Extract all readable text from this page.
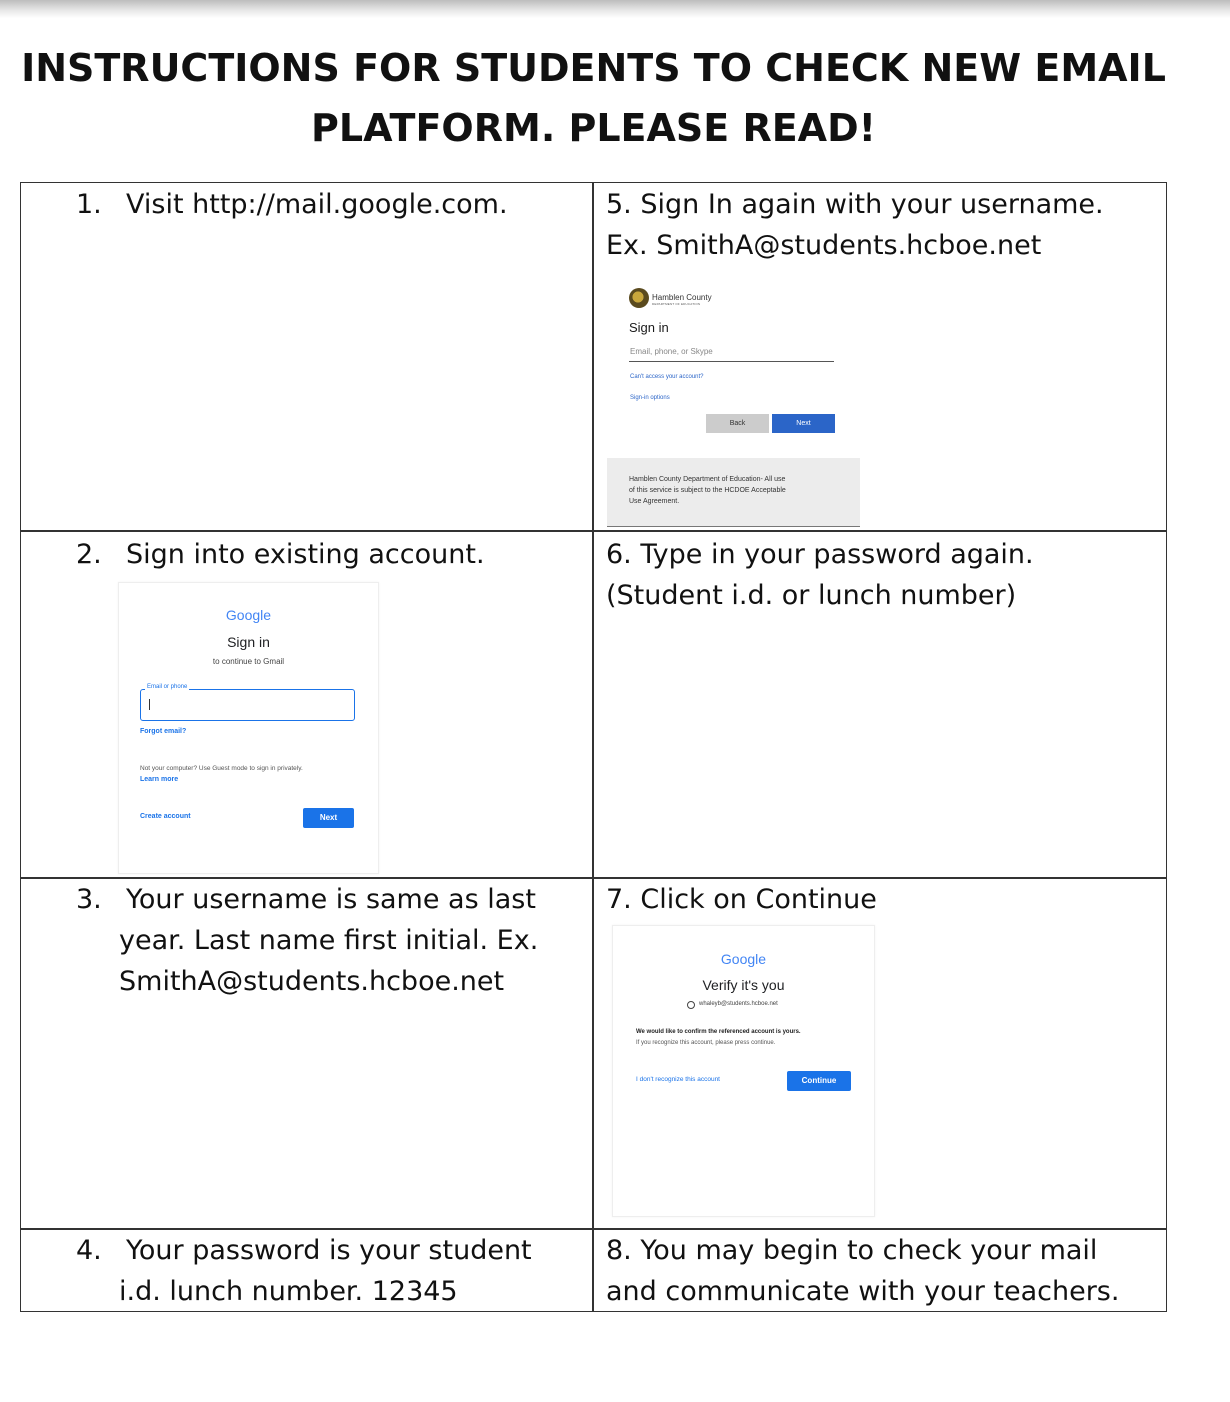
INSTRUCTIONS FOR STUDENTS TO CHECK NEW EMAIL
PLATFORM. PLEASE READ!
1. Visit http://mail.google.com.
2. Sign into existing account.
3. Your username is same as last
year. Last name first initial. Ex.
SmithA@students.hcboe.net
4. Your password is your student
i.d. lunch number. 12345
5. Sign In again with your username.
Ex. SmithA@students.hcboe.net
6. Type in your password again.
(Student i.d. or lunch number)
7. Click on Continue
8. You may begin to check your mail
and communicate with your teachers.
Google
Sign in
to continue to Gmail
Email or phone
Forgot email?
Not your computer? Use Guest mode to sign in privately.
Learn more
Create account	Next
Hamblen County
DEPARTMENT OF EDUCATION
Sign in
Email, phone, or Skype
Can't access your account?
Sign-in options
Back	Next
Hamblen County Department of Education- All use
of this service is subject to the HCDOE Acceptable
Use Agreement.
Google
Verify it's you
whaleyb@students.hcboe.net
We would like to confirm the referenced account is yours.
If you recognize this account, please press continue.
I don't recognize this account	Continue
